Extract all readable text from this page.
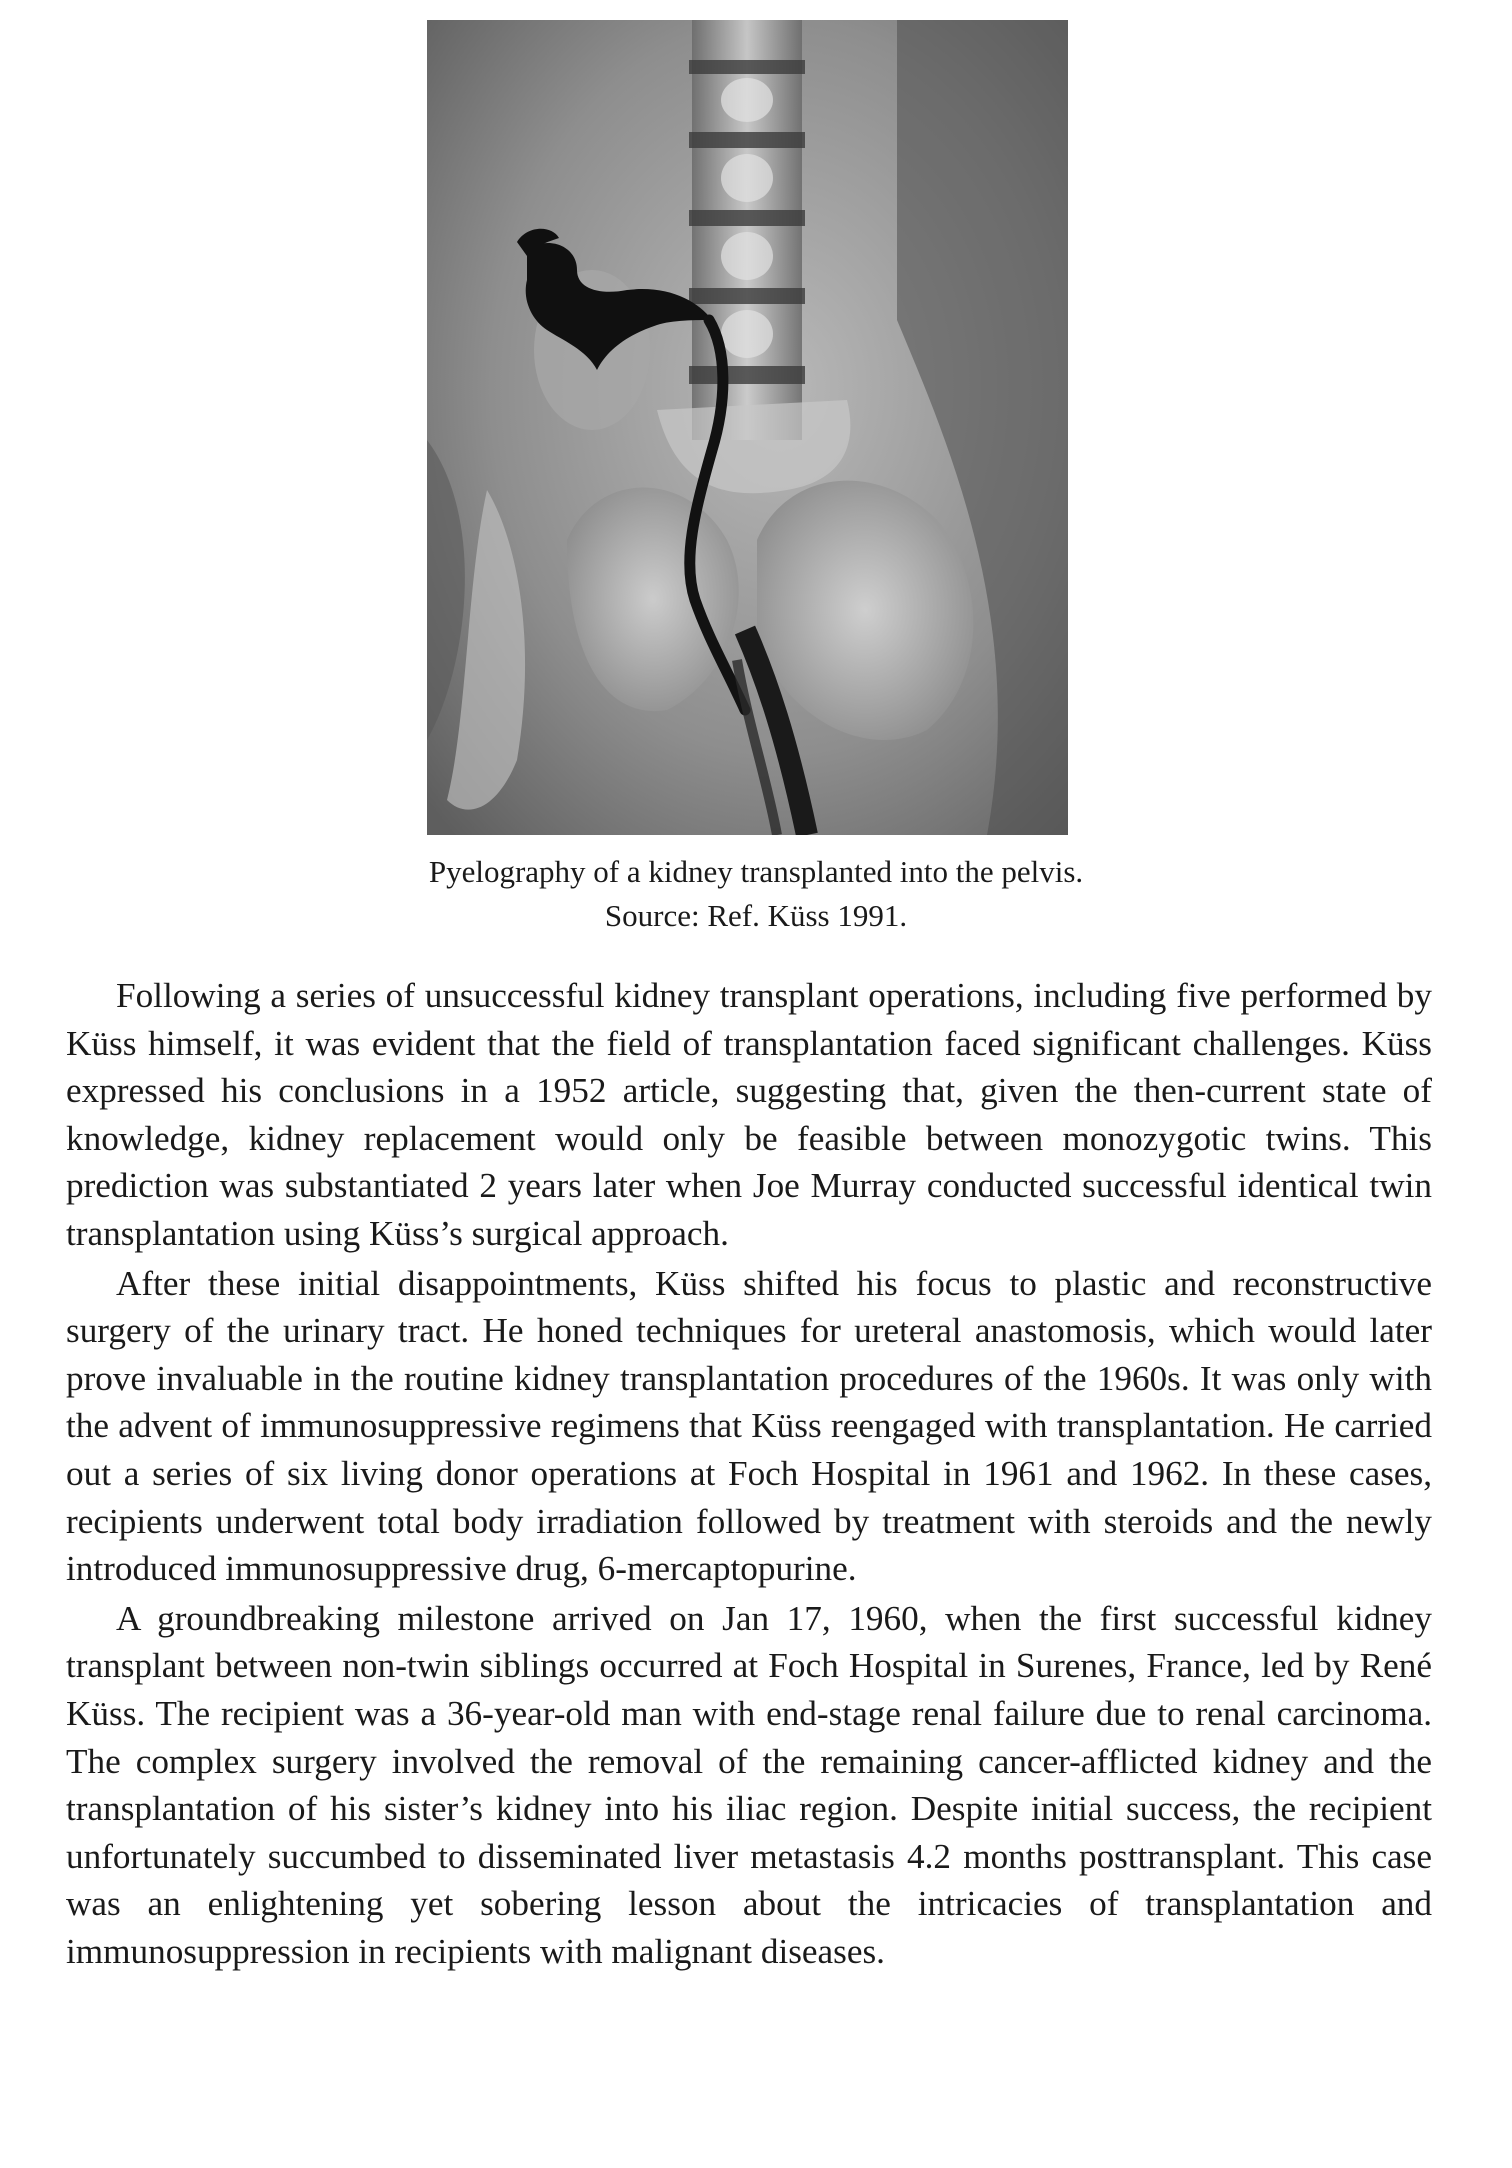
Pyelography of a kidney transplanted into the pelvis.
Source: Ref. Küss 1991.

Following a series of unsuccessful kidney transplant operations, including five performed by Küss himself, it was evident that the field of transplantation faced significant challenges. Küss expressed his conclusions in a 1952 article, suggesting that, given the then-current state of knowledge, kidney replacement would only be feasible between monozygotic twins. This prediction was substantiated 2 years later when Joe Murray conducted successful identical twin transplantation using Küss’s surgical approach.

After these initial disappointments, Küss shifted his focus to plastic and reconstructive surgery of the urinary tract. He honed techniques for ureteral anastomosis, which would later prove invaluable in the routine kidney transplantation procedures of the 1960s. It was only with the advent of immunosuppressive regimens that Küss reengaged with transplantation. He carried out a series of six living donor operations at Foch Hospital in 1961 and 1962. In these cases, recipients underwent total body irradiation followed by treatment with steroids and the newly introduced immunosuppressive drug, 6-mercaptopurine.

A groundbreaking milestone arrived on Jan 17, 1960, when the first successful kidney transplant between non-twin siblings occurred at Foch Hospital in Surenes, France, led by René Küss. The recipient was a 36-year-old man with end-stage renal failure due to renal carcinoma. The complex surgery involved the removal of the remaining cancer-afflicted kidney and the transplantation of his sister’s kidney into his iliac region. Despite initial success, the recipient unfortunately succumbed to disseminated liver metastasis 4.2 months posttransplant. This case was an enlightening yet sobering lesson about the intricacies of transplantation and immunosuppression in recipients with malignant diseases.
